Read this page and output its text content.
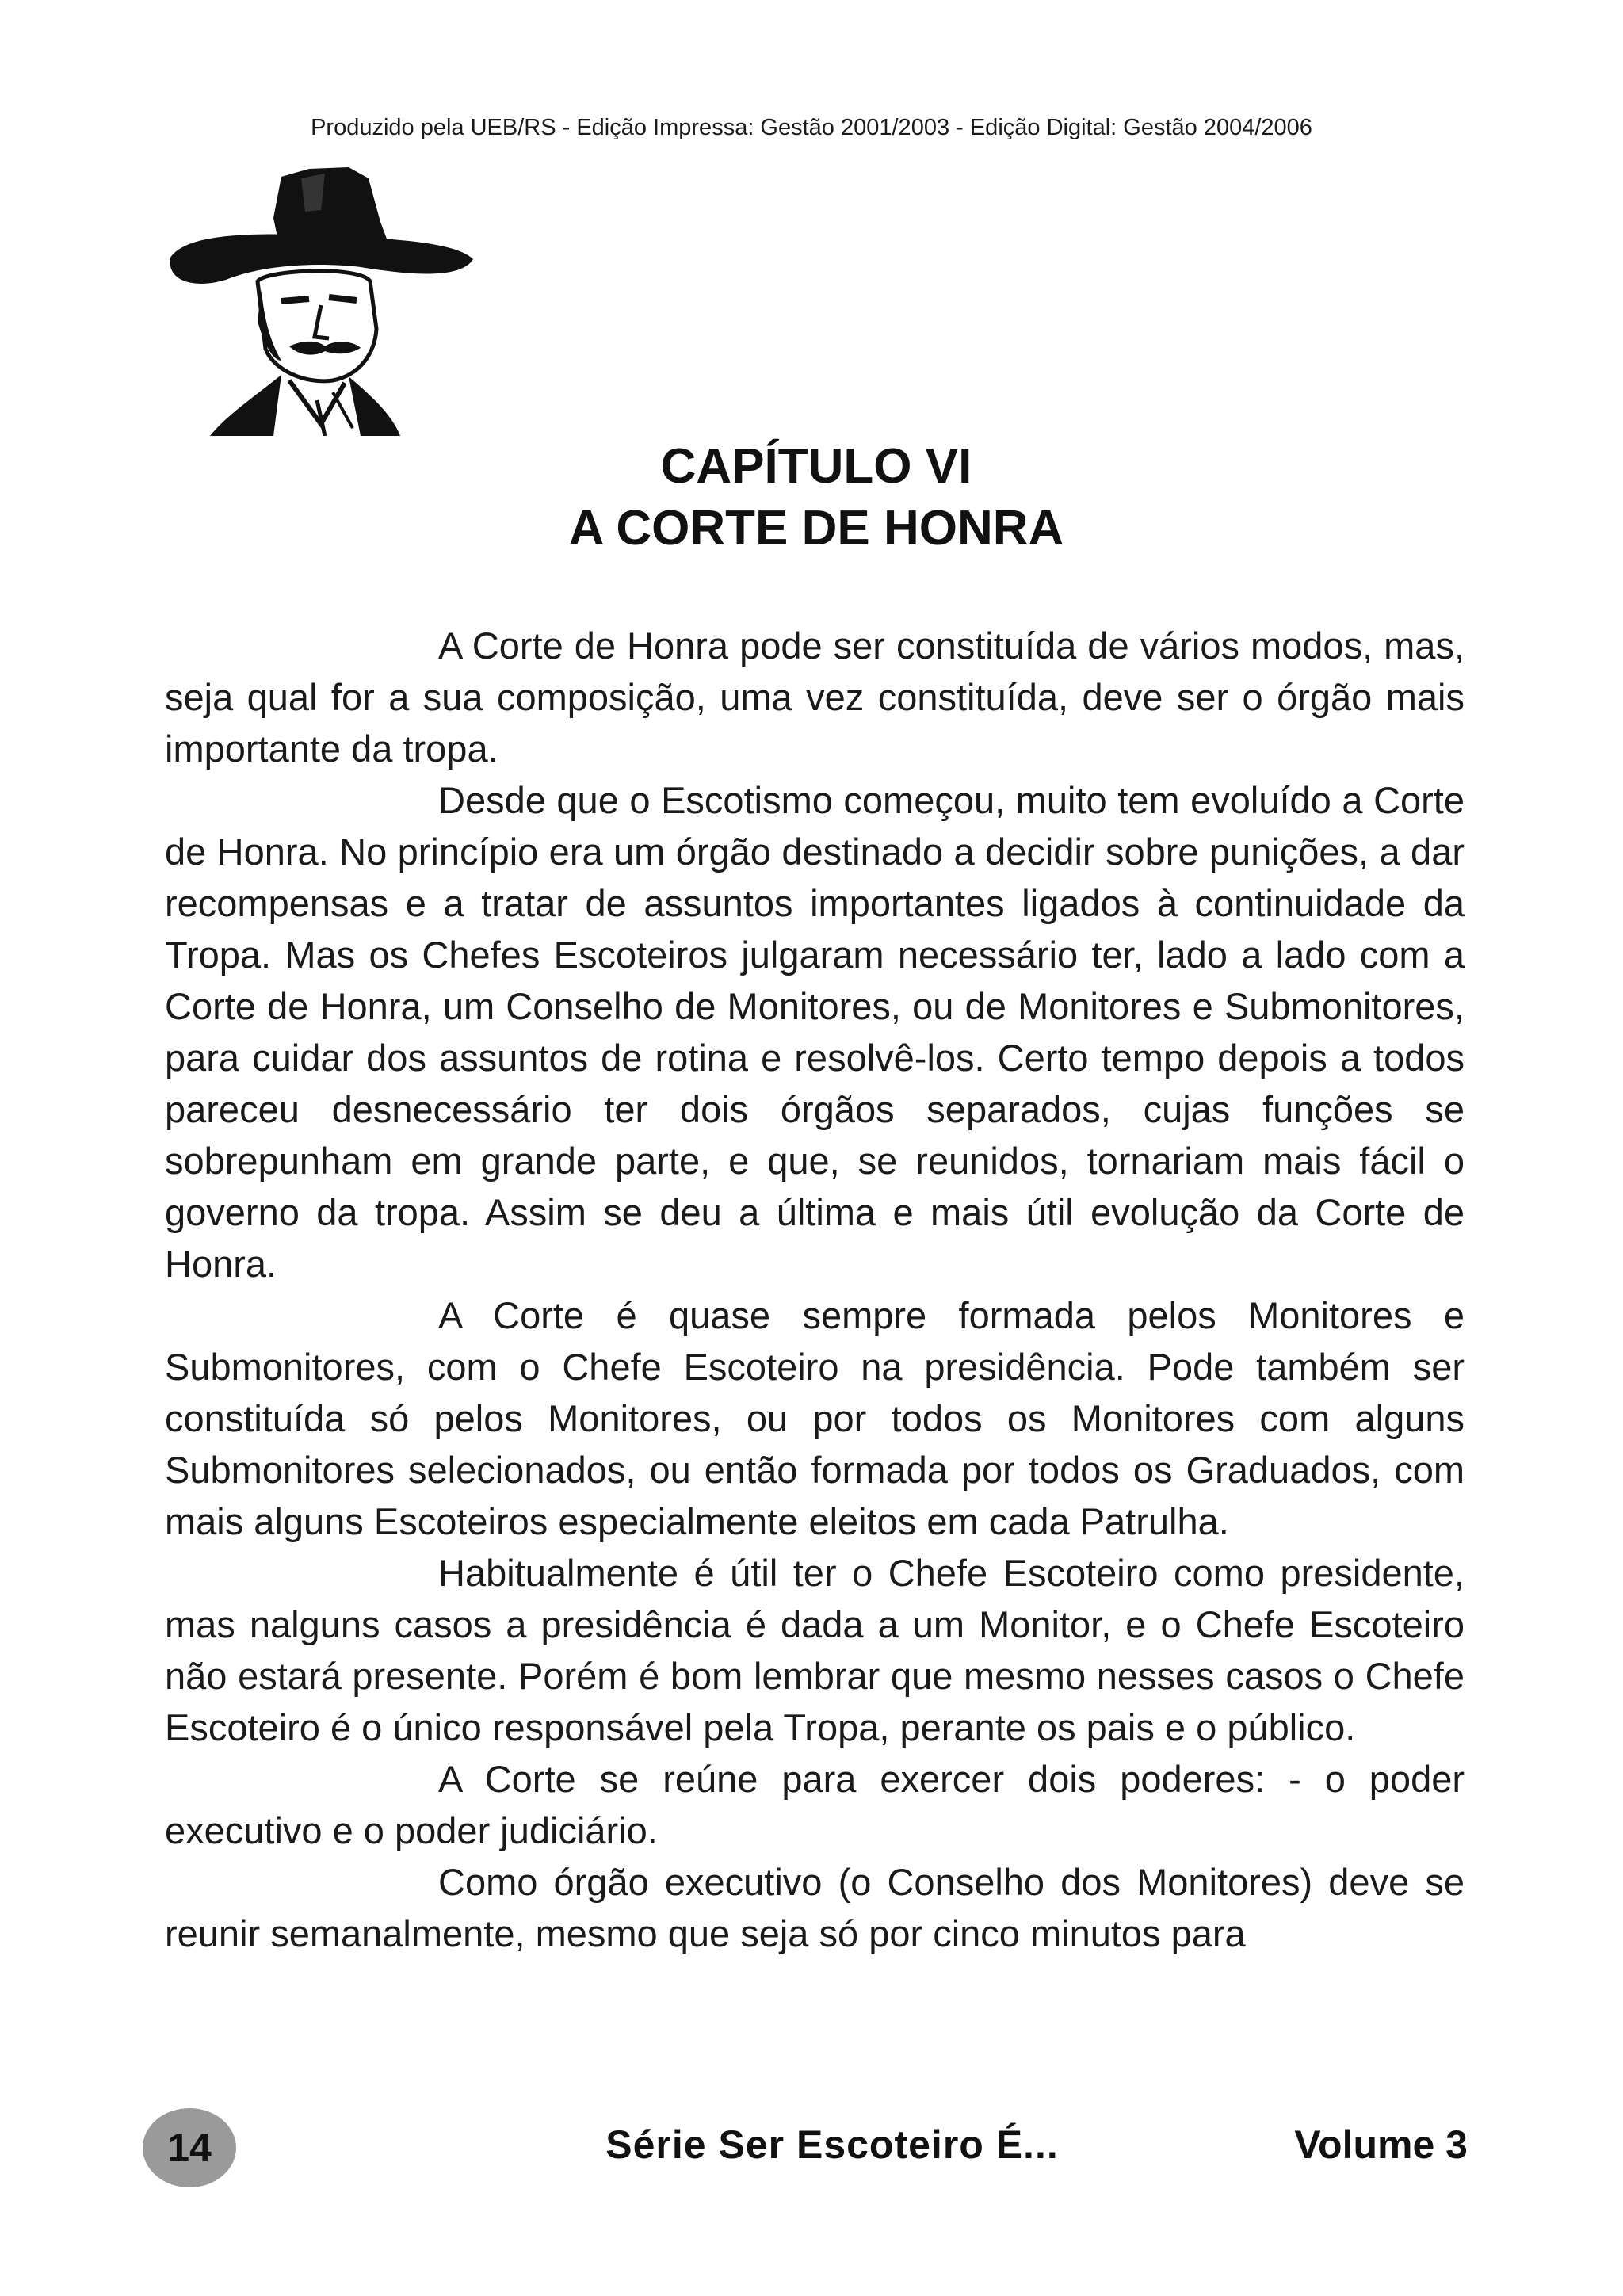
Produzido pela UEB/RS - Edição Impressa: Gestão 2001/2003 - Edição Digital: Gestão 2004/2006
CAPÍTULO VI
A CORTE DE HONRA

A Corte de Honra pode ser constituída de vários modos, mas, seja qual for a sua composição, uma vez constituída, deve ser o órgão mais importante da tropa.

Desde que o Escotismo começou, muito tem evoluído a Corte de Honra. No princípio era um órgão destinado a decidir sobre punições, a dar recompensas e a tratar de assuntos importantes ligados à continuidade da Tropa. Mas os Chefes Escoteiros julgaram necessário ter, lado a lado com a Corte de Honra, um Conselho de Monitores, ou de Monitores e Submonitores, para cuidar dos assuntos de rotina e resolvê-los. Certo tempo depois a todos pareceu desnecessário ter dois órgãos separados, cujas funções se sobrepunham em grande parte, e que, se reunidos, tornariam mais fácil o governo da tropa. Assim se deu a última e mais útil evolução da Corte de Honra.

A Corte é quase sempre formada pelos Monitores e Submonitores, com o Chefe Escoteiro na presidência. Pode também ser constituída só pelos Monitores, ou por todos os Monitores com alguns Submonitores selecionados, ou então formada por todos os Graduados, com mais alguns Escoteiros especialmente eleitos em cada Patrulha.

Habitualmente é útil ter o Chefe Escoteiro como presidente, mas nalguns casos a presidência é dada a um Monitor, e o Chefe Escoteiro não estará presente. Porém é bom lembrar que mesmo nesses casos o Chefe Escoteiro é o único responsável pela Tropa, perante os pais e o público.

A Corte se reúne para exercer dois poderes: - o poder executivo e o poder judiciário.

Como órgão executivo (o Conselho dos Monitores) deve se reunir semanalmente, mesmo que seja só por cinco minutos para

14	Série Ser Escoteiro É...	Volume 3
